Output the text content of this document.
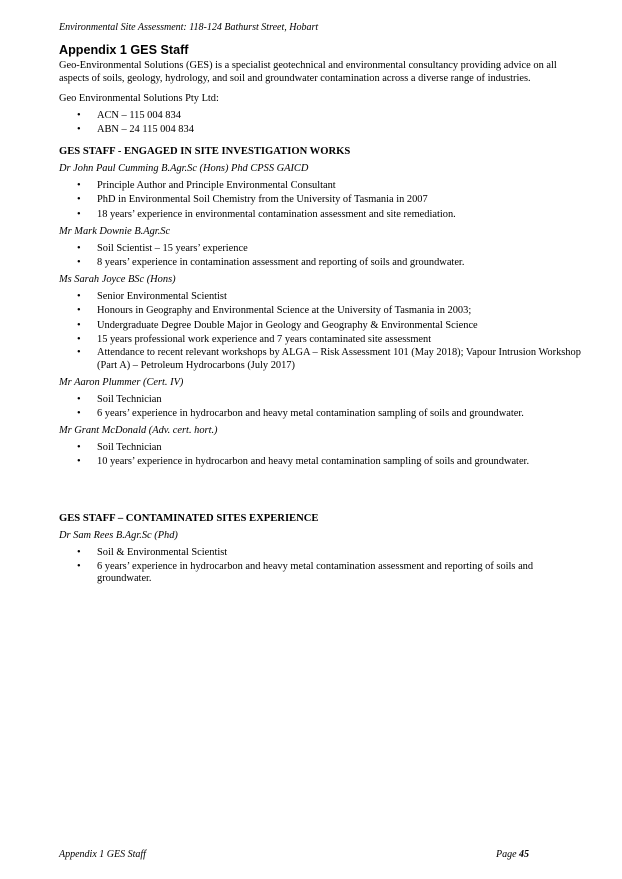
Environmental Site Assessment: 118-124 Bathurst Street, Hobart
Appendix 1 GES Staff

Geo-Environmental Solutions (GES) is a specialist geotechnical and environmental consultancy providing advice on all aspects of soils, geology, hydrology, and soil and groundwater contamination across a diverse range of industries.

Geo Environmental Solutions Pty Ltd:

• ACN – 115 004 834
• ABN – 24 115 004 834
GES STAFF - ENGAGED IN SITE INVESTIGATION WORKS
Dr John Paul Cumming B.Agr.Sc (Hons) Phd CPSS GAICD
• Principle Author and Principle Environmental Consultant
• PhD in Environmental Soil Chemistry from the University of Tasmania in 2007
• 18 years’ experience in environmental contamination assessment and site remediation.
Mr Mark Downie B.Agr.Sc
• Soil Scientist – 15 years’ experience
• 8 years’ experience in contamination assessment and reporting of soils and groundwater.
Ms Sarah Joyce BSc (Hons)
• Senior Environmental Scientist
• Honours in Geography and Environmental Science at the University of Tasmania in 2003;
• Undergraduate Degree Double Major in Geology and Geography & Environmental Science
• 15 years professional work experience and 7 years contaminated site assessment
• Attendance to recent relevant workshops by ALGA – Risk Assessment 101 (May 2018); Vapour Intrusion Workshop (Part A) – Petroleum Hydrocarbons (July 2017)
Mr Aaron Plummer (Cert. IV)
• Soil Technician
• 6 years’ experience in hydrocarbon and heavy metal contamination sampling of soils and groundwater.
Mr Grant McDonald (Adv. cert. hort.)
• Soil Technician
• 10 years’ experience in hydrocarbon and heavy metal contamination sampling of soils and groundwater.
GES STAFF – CONTAMINATED SITES EXPERIENCE
Dr Sam Rees B.Agr.Sc (Phd)
• Soil & Environmental Scientist
• 6 years’ experience in hydrocarbon and heavy metal contamination assessment and reporting of soils and groundwater.
Appendix 1 GES Staff	Page 45
